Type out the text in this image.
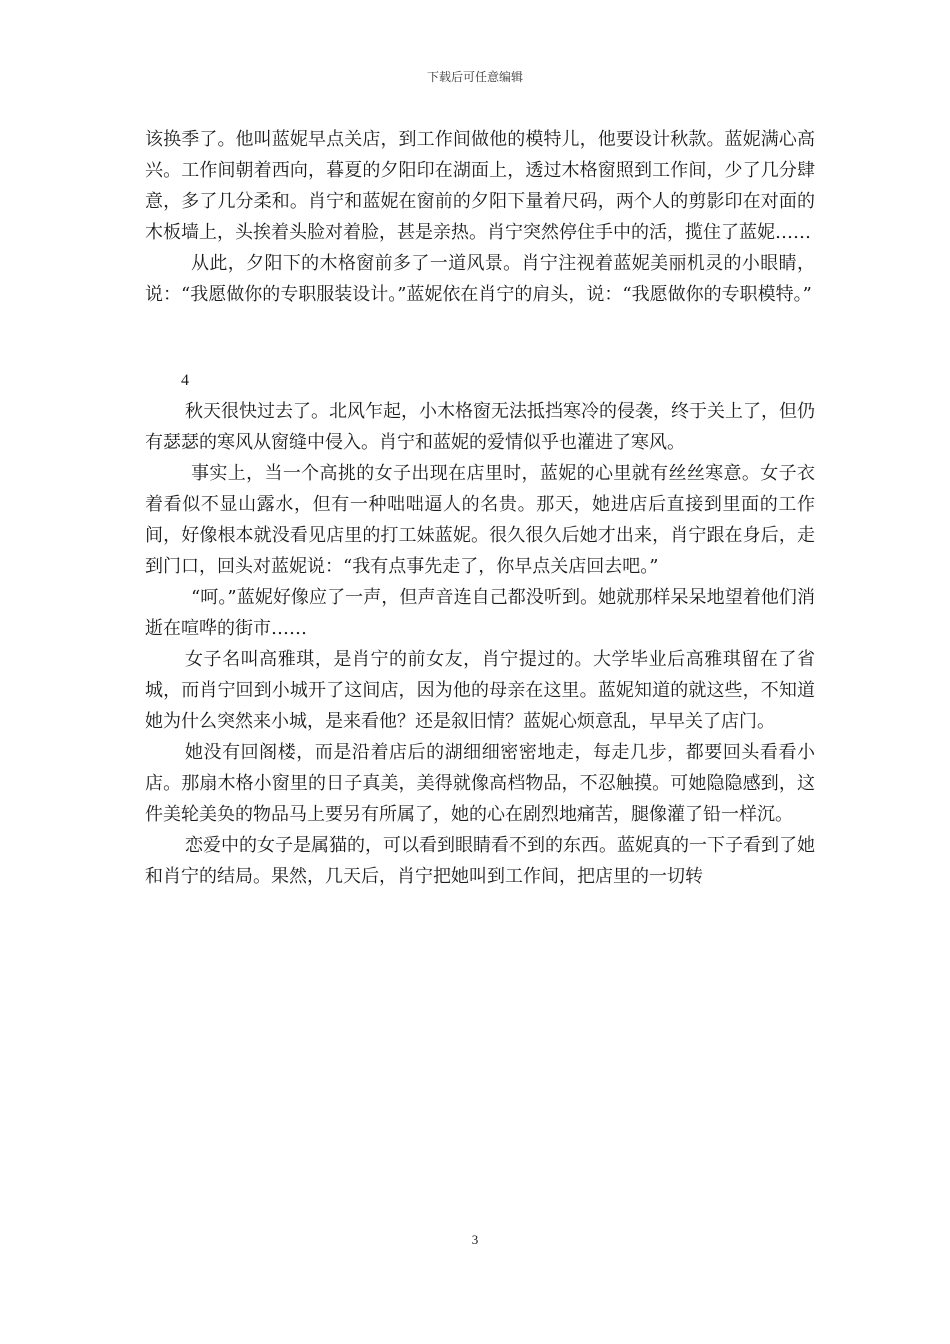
下载后可任意编辑

该换季了。他叫蓝妮早点关店，到工作间做他的模特儿，他要设计秋款。蓝妮满心高兴。工作间朝着西向，暮夏的夕阳印在湖面上，透过木格窗照到工作间，少了几分肆意，多了几分柔和。肖宁和蓝妮在窗前的夕阳下量着尺码，两个人的剪影印在对面的木板墙上，头挨着头脸对着脸，甚是亲热。肖宁突然停住手中的活，揽住了蓝妮……

从此，夕阳下的木格窗前多了一道风景。肖宁注视着蓝妮美丽机灵的小眼睛，说：“我愿做你的专职服装设计。”蓝妮依在肖宁的肩头，说：“我愿做你的专职模特。”

4

秋天很快过去了。北风乍起，小木格窗无法抵挡寒冷的侵袭，终于关上了，但仍有瑟瑟的寒风从窗缝中侵入。肖宁和蓝妮的爱情似乎也灌进了寒风。

事实上，当一个高挑的女子出现在店里时，蓝妮的心里就有丝丝寒意。女子衣着看似不显山露水，但有一种咄咄逼人的名贵。那天，她进店后直接到里面的工作间，好像根本就没看见店里的打工妹蓝妮。很久很久后她才出来，肖宁跟在身后，走到门口，回头对蓝妮说：“我有点事先走了，你早点关店回去吧。”

“呵。”蓝妮好像应了一声，但声音连自己都没听到。她就那样呆呆地望着他们消逝在喧哗的街市……

女子名叫高雅琪，是肖宁的前女友，肖宁提过的。大学毕业后高雅琪留在了省城，而肖宁回到小城开了这间店，因为他的母亲在这里。蓝妮知道的就这些，不知道她为什么突然来小城，是来看他？还是叙旧情？蓝妮心烦意乱，早早关了店门。

她没有回阁楼，而是沿着店后的湖细细密密地走，每走几步，都要回头看看小店。那扇木格小窗里的日子真美，美得就像高档物品，不忍触摸。可她隐隐感到，这件美轮美奂的物品马上要另有所属了，她的心在剧烈地痛苦，腿像灌了铅一样沉。

恋爱中的女子是属猫的，可以看到眼睛看不到的东西。蓝妮真的一下子看到了她和肖宁的结局。果然，几天后，肖宁把她叫到工作间，把店里的一切转

3
